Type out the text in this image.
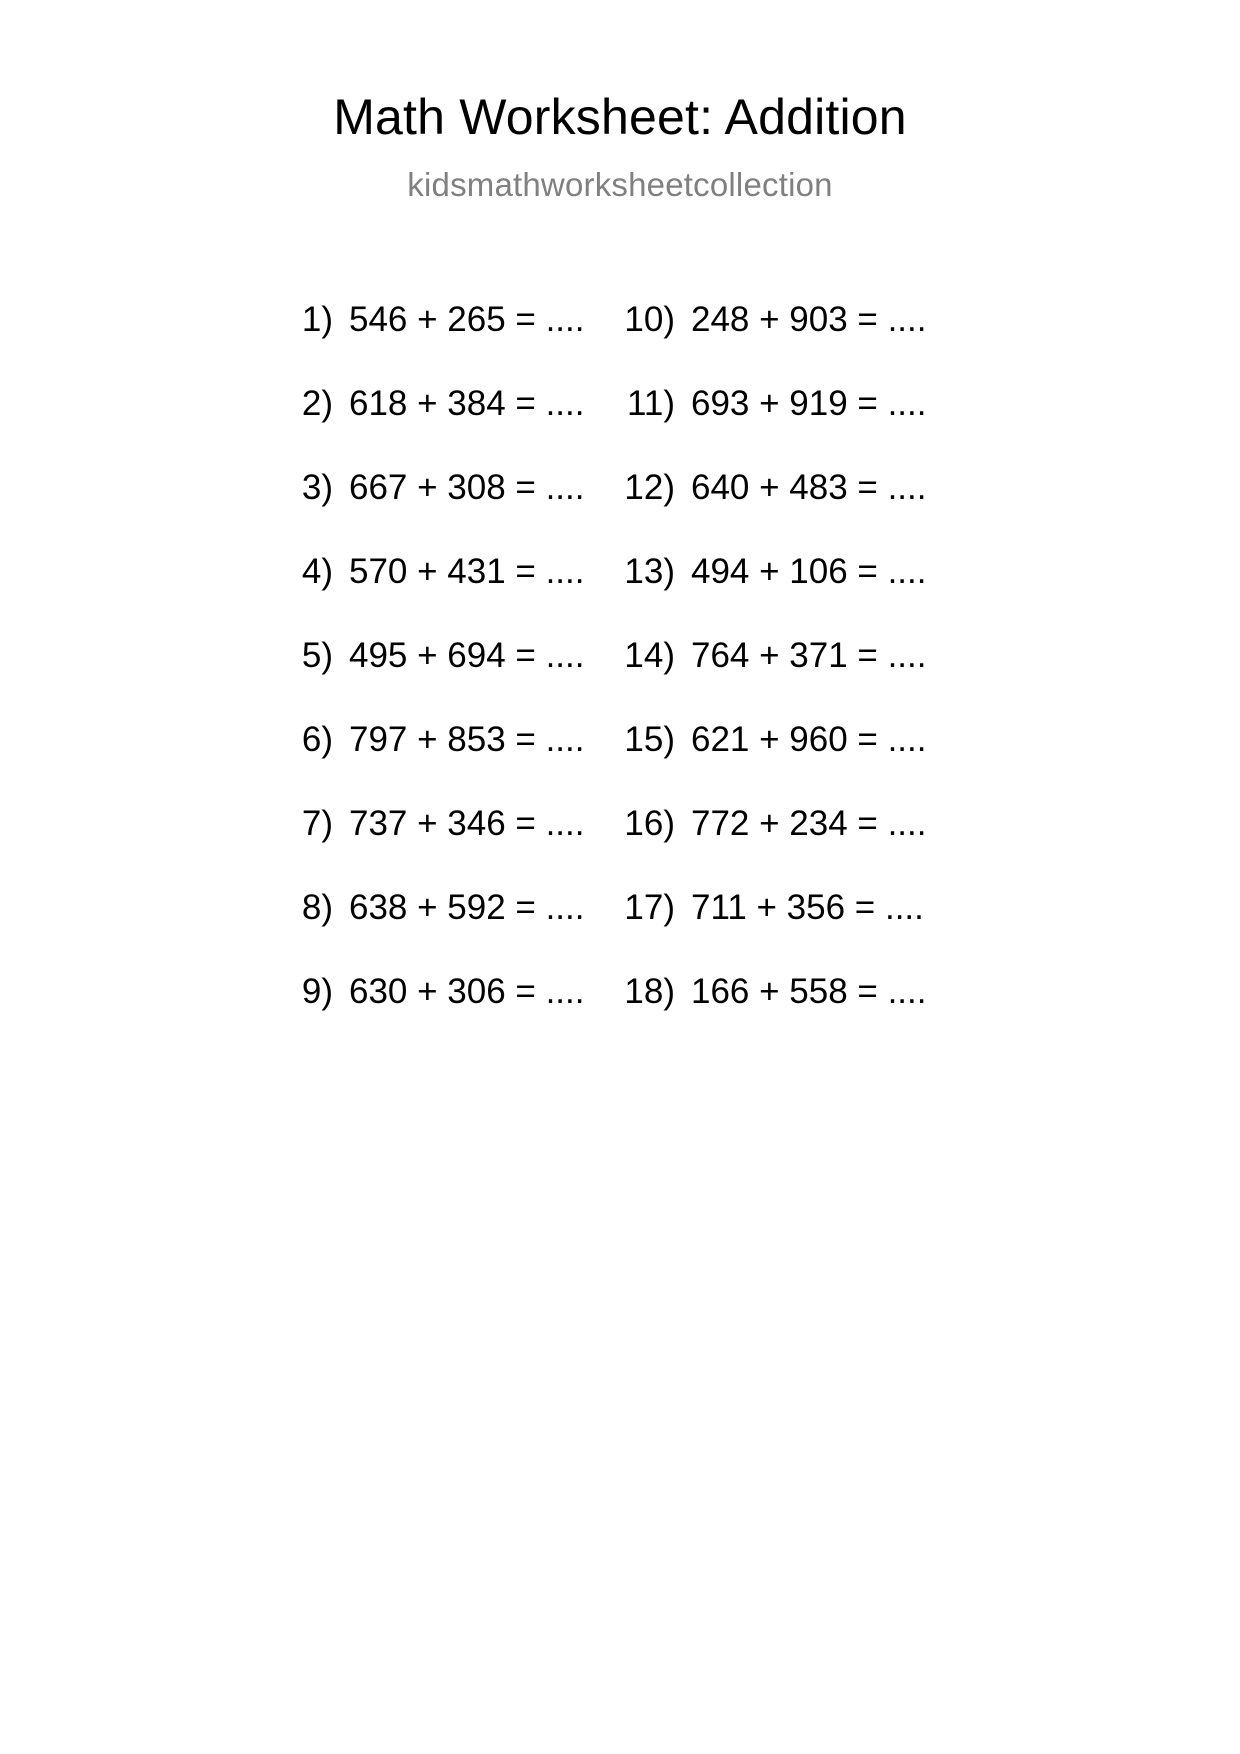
Math Worksheet: Addition
kidsmathworksheetcollection
1) 546 + 265 = ....
2) 618 + 384 = ....
3) 667 + 308 = ....
4) 570 + 431 = ....
5) 495 + 694 = ....
6) 797 + 853 = ....
7) 737 + 346 = ....
8) 638 + 592 = ....
9) 630 + 306 = ....
10) 248 + 903 = ....
11) 693 + 919 = ....
12) 640 + 483 = ....
13) 494 + 106 = ....
14) 764 + 371 = ....
15) 621 + 960 = ....
16) 772 + 234 = ....
17) 711 + 356 = ....
18) 166 + 558 = ....
